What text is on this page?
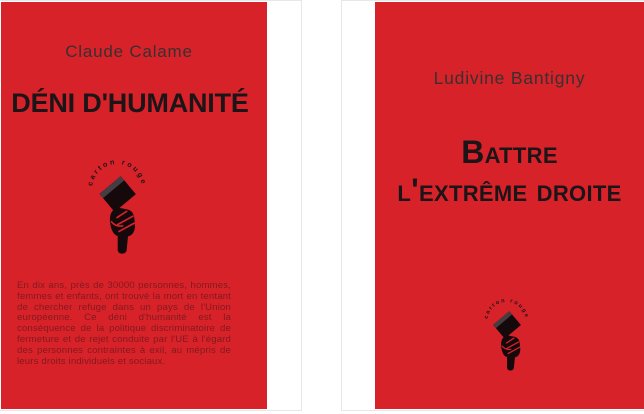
Claude Calame
DÉNI D'HUMANITÉ
carton rouge
En dix ans, près de 30000 personnes, hommes, femmes et enfants, ont trouvé la mort en tentant de chercher refuge dans un pays de l'Union européenne. Ce déni d'humanité est la conséquence de la politique discriminatoire de fermeture et de rejet conduite par l'UE à l'égard des personnes contraintes à exil, au mépris de leurs droits individuels et sociaux.
Ludivine Bantigny
Battre
l'extrême droite
carton rouge
